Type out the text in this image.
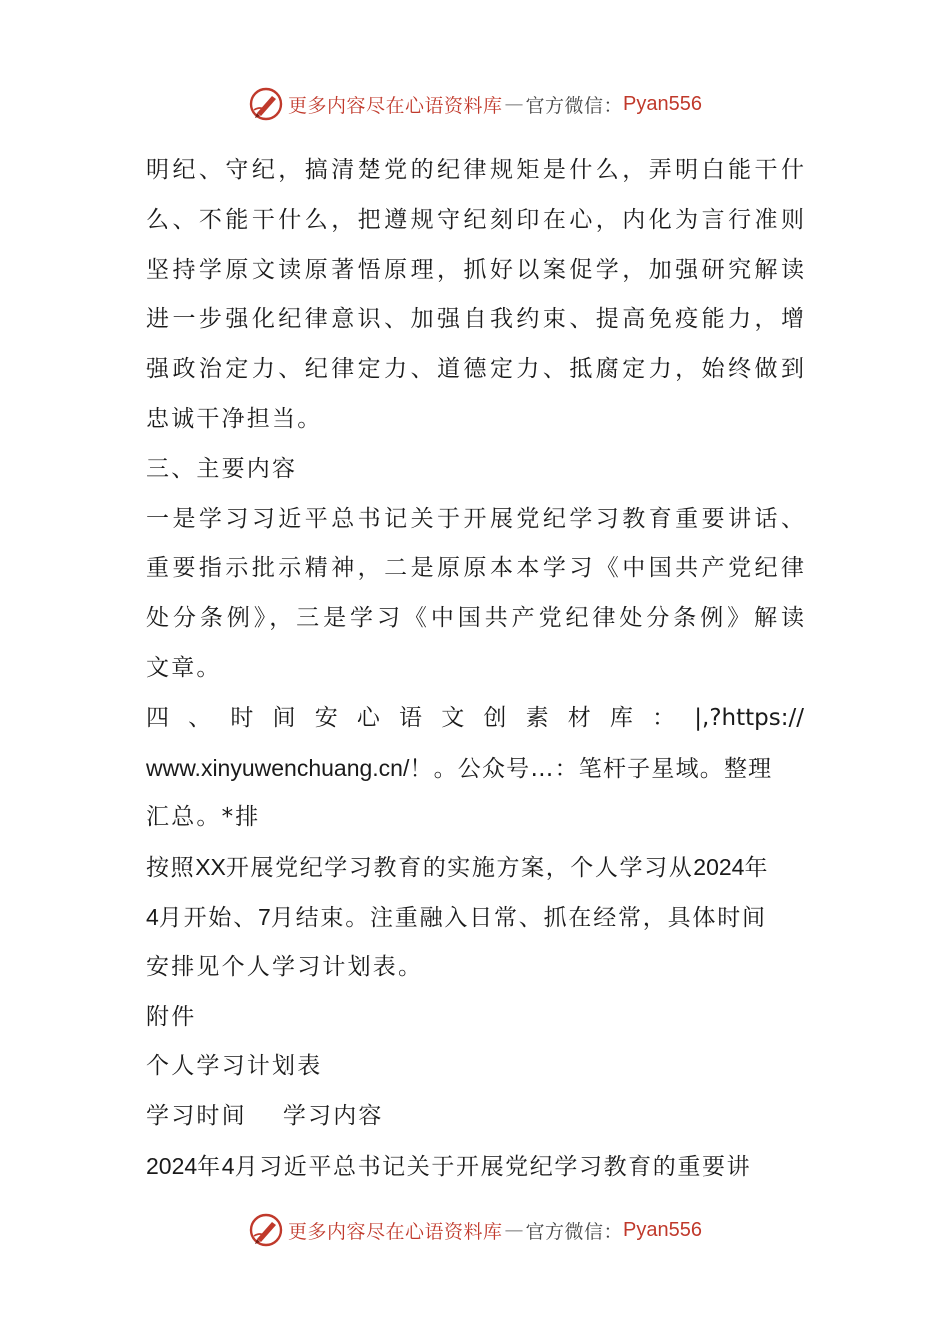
更多内容尽在心语资料库 — 官方微信： Pyan556
明纪、守纪，搞清楚党的纪律规矩是什么，弄明白能干什
么、不能干什么，把遵规守纪刻印在心，内化为言行准则
坚持学原文读原著悟原理，抓好以案促学，加强研究解读
进一步强化纪律意识、加强自我约束、提高免疫能力，增
强政治定力、纪律定力、道德定力、抵腐定力，始终做到
忠诚干净担当。
三、主要内容
一是学习习近平总书记关于开展党纪学习教育重要讲话、
重要指示批示精神，二是原原本本学习《中国共产党纪律
处分条例》，三是学习《中国共产党纪律处分条例》解读
文章。
四、时间安心语文创素材库：|,?https://
www.xinyuwenchuang.cn/！。公众号…：笔杆子星域。整理
汇总。*排
按照XX开展党纪学习教育的实施方案，个人学习从2024年
4月开始、7月结束。注重融入日常、抓在经常，具体时间
安排见个人学习计划表。
附件
个人学习计划表
学习时间 学习内容
2024年4月习近平总书记关于开展党纪学习教育的重要讲
更多内容尽在心语资料库 — 官方微信： Pyan556
